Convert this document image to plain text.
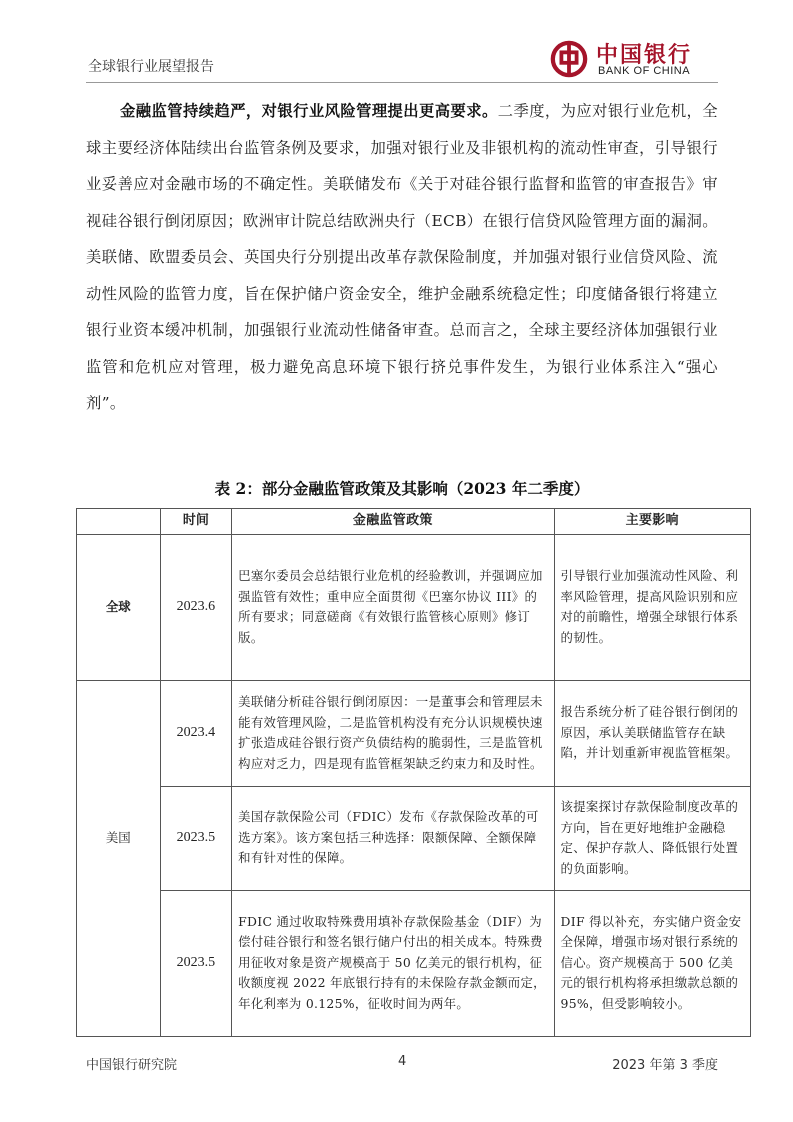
全球银行业展望报告	中国银行
BANK OF CHINA
金融监管持续趋严，对银行业风险管理提出更高要求。二季度，为应对银行业危机，全球主要经济体陆续出台监管条例及要求，加强对银行业及非银机构的流动性审查，引导银行业妥善应对金融市场的不确定性。美联储发布《关于对硅谷银行监督和监管的审查报告》审视硅谷银行倒闭原因；欧洲审计院总结欧洲央行（ECB）在银行信贷风险管理方面的漏洞。美联储、欧盟委员会、英国央行分别提出改革存款保险制度，并加强对银行业信贷风险、流动性风险的监管力度，旨在保护储户资金安全，维护金融系统稳定性；印度储备银行将建立银行业资本缓冲机制，加强银行业流动性储备审查。总而言之，全球主要经济体加强银行业监管和危机应对管理，极力避免高息环境下银行挤兑事件发生，为银行业体系注入“强心剂”。
表 2：部分金融监管政策及其影响（2023 年二季度）
	时间	金融监管政策	主要影响
全球	2023.6	巴塞尔委员会总结银行业危机的经验教训，并强调应加强监管有效性；重申应全面贯彻《巴塞尔协议 III》的所有要求；同意磋商《有效银行监管核心原则》修订版。	引导银行业加强流动性风险、利率风险管理，提高风险识别和应对的前瞻性，增强全球银行体系的韧性。
	2023.4	美联储分析硅谷银行倒闭原因：一是董事会和管理层未能有效管理风险，二是监管机构没有充分认识规模快速扩张造成硅谷银行资产负债结构的脆弱性，三是监管机构应对乏力，四是现有监管框架缺乏约束力和及时性。	报告系统分析了硅谷银行倒闭的原因，承认美联储监管存在缺陷，并计划重新审视监管框架。
美国	2023.5	美国存款保险公司（FDIC）发布《存款保险改革的可选方案》。该方案包括三种选择：限额保障、全额保障和有针对性的保障。	该提案探讨存款保险制度改革的方向，旨在更好地维护金融稳定、保护存款人、降低银行处置的负面影响。
	2023.5	FDIC 通过收取特殊费用填补存款保险基金（DIF）为偿付硅谷银行和签名银行储户付出的相关成本。特殊费用征收对象是资产规模高于 50 亿美元的银行机构，征收额度视 2022 年底银行持有的未保险存款金额而定，年化利率为 0.125%，征收时间为两年。	DIF 得以补充，夯实储户资金安全保障，增强市场对银行系统的信心。资产规模高于 500 亿美元的银行机构将承担缴款总额的 95%，但受影响较小。
中国银行研究院	4	2023 年第 3 季度
